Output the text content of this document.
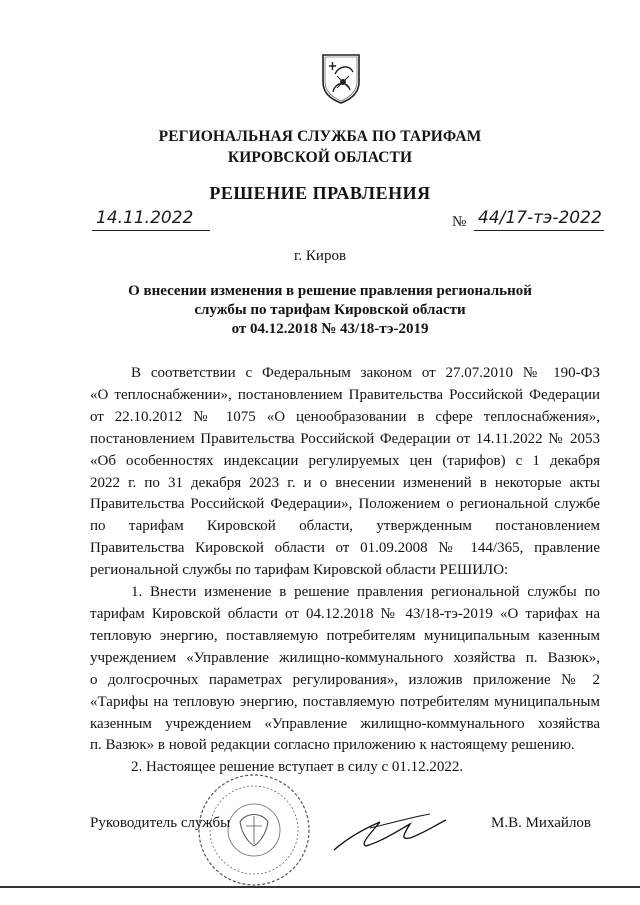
РЕГИОНАЛЬНАЯ СЛУЖБА ПО ТАРИФАМ
КИРОВСКОЙ ОБЛАСТИ
РЕШЕНИЕ ПРАВЛЕНИЯ
14.11.2022	№ 44/17-тэ-2022
г. Киров
О внесении изменения в решение правления региональной
службы по тарифам Кировской области
от 04.12.2018 № 43/18-тэ-2019

В соответствии с Федеральным законом от 27.07.2010 № 190-ФЗ

«О теплоснабжении», постановлением Правительства Российской Федерации

от 22.10.2012 № 1075 «О ценообразовании в сфере теплоснабжения»,

постановлением Правительства Российской Федерации от 14.11.2022 № 2053

«Об особенностях индексации регулируемых цен (тарифов) с 1 декабря

2022 г. по 31 декабря 2023 г. и о внесении изменений в некоторые акты

Правительства Российской Федерации», Положением о региональной службе

по тарифам Кировской области, утвержденным постановлением

Правительства Кировской области от 01.09.2008 № 144/365, правление

региональной службы по тарифам Кировской области РЕШИЛО:

1. Внести изменение в решение правления региональной службы по

тарифам Кировской области от 04.12.2018 № 43/18-тэ-2019 «О тарифах на

тепловую энергию, поставляемую потребителям муниципальным казенным

учреждением «Управление жилищно-коммунального хозяйства п. Вазюк»,

о долгосрочных параметрах регулирования», изложив приложение № 2

«Тарифы на тепловую энергию, поставляемую потребителям муниципальным

казенным учреждением «Управление жилищно-коммунального хозяйства

п. Вазюк» в новой редакции согласно приложению к настоящему решению.

2. Настоящее решение вступает в силу с 01.12.2022.

Руководитель службы	М.В. Михайлов
